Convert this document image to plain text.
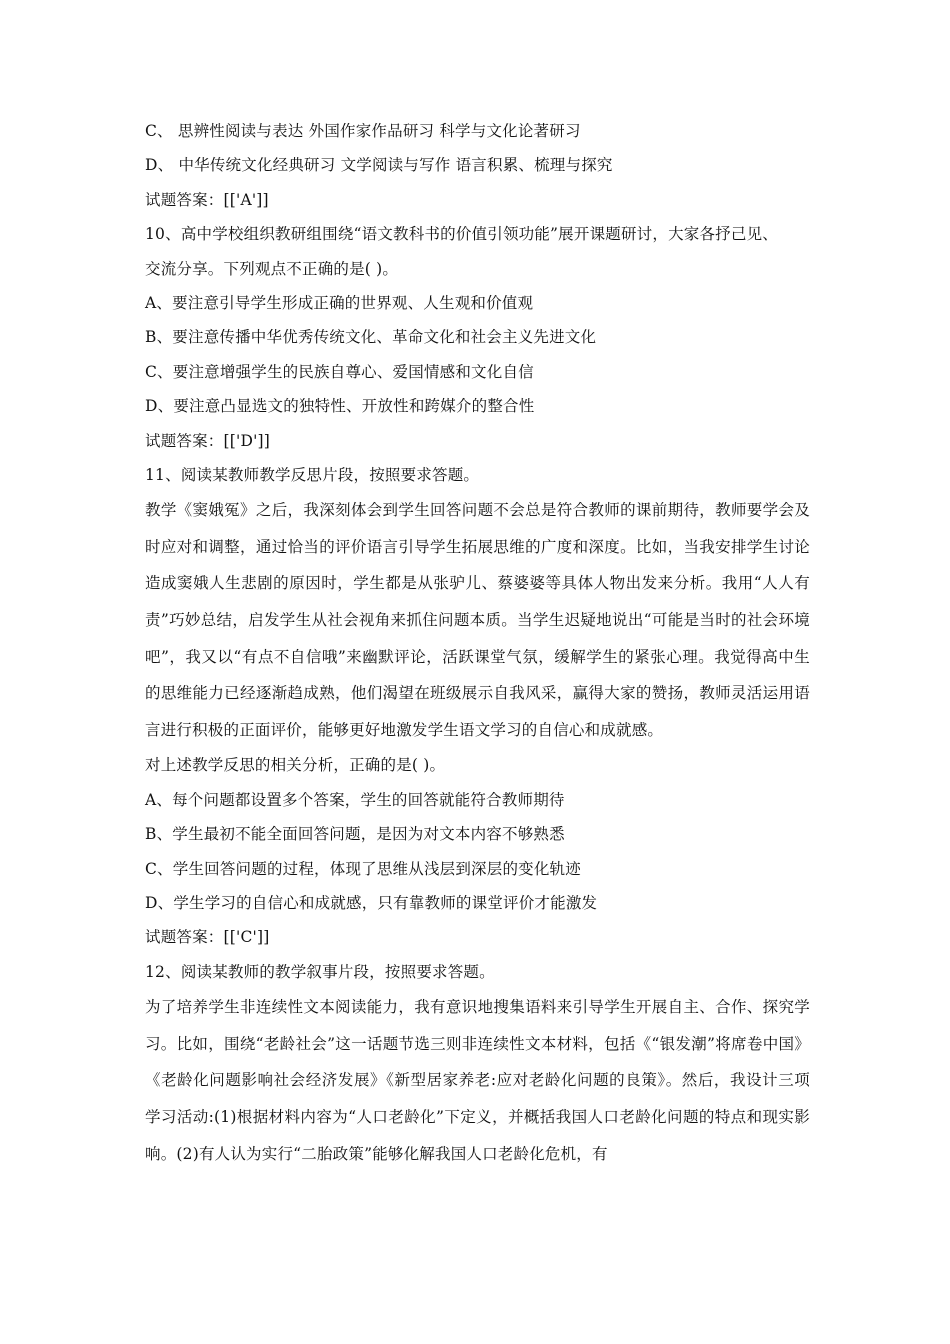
C、 思辨性阅读与表达 外国作家作品研习 科学与文化论著研习
D、 中华传统文化经典研习 文学阅读与写作 语言积累、梳理与探究
试题答案：[['A']]
10、高中学校组织教研组围绕“语文教科书的价值引领功能”展开课题研讨，大家各抒己见、
交流分享。下列观点不正确的是( )。
A、要注意引导学生形成正确的世界观、人生观和价值观
B、要注意传播中华优秀传统文化、革命文化和社会主义先进文化
C、要注意增强学生的民族自尊心、爱国情感和文化自信
D、要注意凸显选文的独特性、开放性和跨媒介的整合性
试题答案：[['D']]
11、阅读某教师教学反思片段，按照要求答题。
教学《窦娥冤》之后，我深刻体会到学生回答问题不会总是符合教师的课前期待，教师要学会及时应对和调整，通过恰当的评价语言引导学生拓展思维的广度和深度。比如，当我安排学生讨论造成窦娥人生悲剧的原因时，学生都是从张驴儿、蔡婆婆等具体人物出发来分析。我用“人人有责”巧妙总结，启发学生从社会视角来抓住问题本质。当学生迟疑地说出“可能是当时的社会环境吧”，我又以“有点不自信哦”来幽默评论，活跃课堂气氛，缓解学生的紧张心理。我觉得高中生的思维能力已经逐渐趋成熟，他们渴望在班级展示自我风采，赢得大家的赞扬，教师灵活运用语言进行积极的正面评价，能够更好地激发学生语文学习的自信心和成就感。
对上述教学反思的相关分析，正确的是( )。
A、每个问题都设置多个答案，学生的回答就能符合教师期待
B、学生最初不能全面回答问题，是因为对文本内容不够熟悉
C、学生回答问题的过程，体现了思维从浅层到深层的变化轨迹
D、学生学习的自信心和成就感，只有靠教师的课堂评价才能激发
试题答案：[['C']]
12、阅读某教师的教学叙事片段，按照要求答题。
为了培养学生非连续性文本阅读能力，我有意识地搜集语料来引导学生开展自主、合作、探究学习。比如，围绕“老龄社会”这一话题节选三则非连续性文本材料，包括《“银发潮”将席卷中国》《老龄化问题影响社会经济发展》《新型居家养老:应对老龄化问题的良策》。然后，我设计三项学习活动:(1)根据材料内容为“人口老龄化”下定义，并概括我国人口老龄化问题的特点和现实影响。(2)有人认为实行“二胎政策”能够化解我国人口老龄化危机，有
